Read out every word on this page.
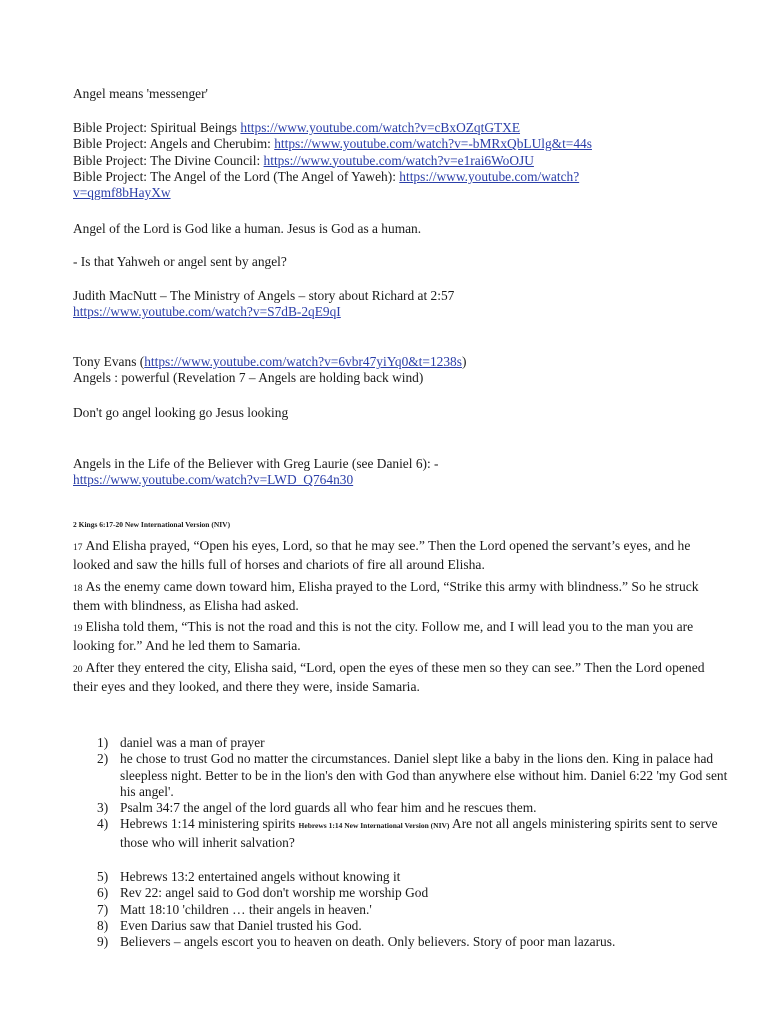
Angel means 'messenger'

Bible Project: Spiritual Beings https://www.youtube.com/watch?v=cBxOZqtGTXE
Bible Project: Angels and Cherubim: https://www.youtube.com/watch?v=-bMRxQbLUlg&t=44s
Bible Project: The Divine Council: https://www.youtube.com/watch?v=e1rai6WoOJU
Bible Project: The Angel of the Lord (The Angel of Yaweh): https://www.youtube.com/watch?
v=qgmf8bHayXw

Angel of the Lord is God like a human. Jesus is God as a human.

- Is that Yahweh or angel sent by angel?

Judith MacNutt – The Ministry of Angels – story about Richard at 2:57
https://www.youtube.com/watch?v=S7dB-2qE9qI
Tony Evans (https://www.youtube.com/watch?v=6vbr47yiYq0&t=1238s)
Angels : powerful (Revelation 7 – Angels are holding back wind)

Don't go angel looking go Jesus looking

Angels in the Life of the Believer with Greg Laurie (see Daniel 6): -
https://www.youtube.com/watch?v=LWD_Q764n30

2 Kings 6:17-20 New International Version (NIV)

17 And Elisha prayed, “Open his eyes, Lord, so that he may see.” Then the Lord opened the servant’s eyes, and he looked and saw the hills full of horses and chariots of fire all around Elisha.

18 As the enemy came down toward him, Elisha prayed to the Lord, “Strike this army with blindness.” So he struck them with blindness, as Elisha had asked.

19 Elisha told them, “This is not the road and this is not the city. Follow me, and I will lead you to the man you are looking for.” And he led them to Samaria.

20 After they entered the city, Elisha said, “Lord, open the eyes of these men so they can see.” Then the Lord opened their eyes and they looked, and there they were, inside Samaria.

1) daniel was a man of prayer
2) he chose to trust God no matter the circumstances. Daniel slept like a baby in the lions den. King in palace had sleepless night. Better to be in the lion's den with God than anywhere else without him. Daniel 6:22 'my God sent his angel'.
3) Psalm 34:7 the angel of the lord guards all who fear him and he rescues them.
4) Hebrews 1:14 ministering spirits Hebrews 1:14 New International Version (NIV) Are not all angels ministering spirits sent to serve those who will inherit salvation?
5) Hebrews 13:2 entertained angels without knowing it
6) Rev 22: angel said to God don't worship me worship God
7) Matt 18:10 'children … their angels in heaven.'
8) Even Darius saw that Daniel trusted his God.
9) Believers – angels escort you to heaven on death. Only believers. Story of poor man lazarus.
